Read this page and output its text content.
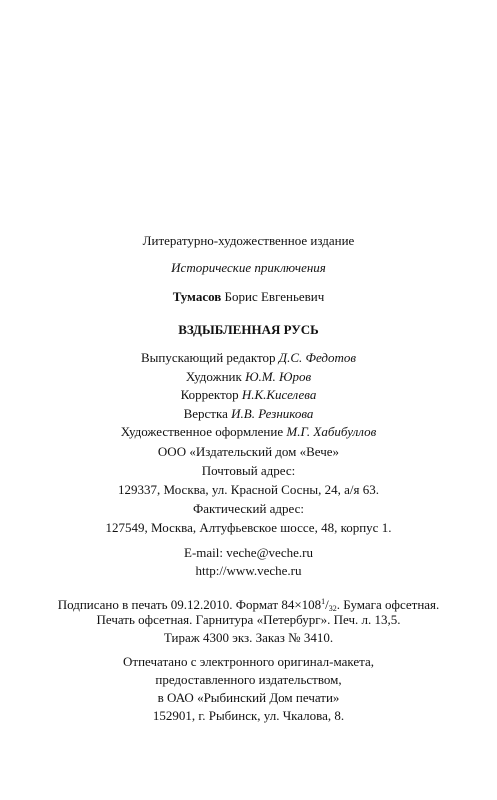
Литературно-художественное издание
Исторические приключения
Тумасов Борис Евгеньевич
ВЗДЫБЛЕННАЯ РУСЬ
Выпускающий редактор Д.С. Федотов
Художник Ю.М. Юров
Корректор Н.К.Киселева
Верстка И.В. Резникова
Художественное оформление М.Г. Хабибуллов
ООО «Издательский дом «Вече»
Почтовый адрес:
129337, Москва, ул. Красной Сосны, 24, а/я 63.
Фактический адрес:
127549, Москва, Алтуфьевское шоссе, 48, корпус 1.
E-mail: veche@veche.ru
http://www.veche.ru
Подписано в печать 09.12.2010. Формат $84\times 108^1/_{32}$. Бумага офсетная.
Печать офсетная. Гарнитура «Петербург». Печ. л. 13,5.
Тираж 4300 экз. Заказ № 3410.
Отпечатано с электронного оригинал-макета,
предоставленного издательством,
в ОАО «Рыбинский Дом печати»
152901, г. Рыбинск, ул. Чкалова, 8.
